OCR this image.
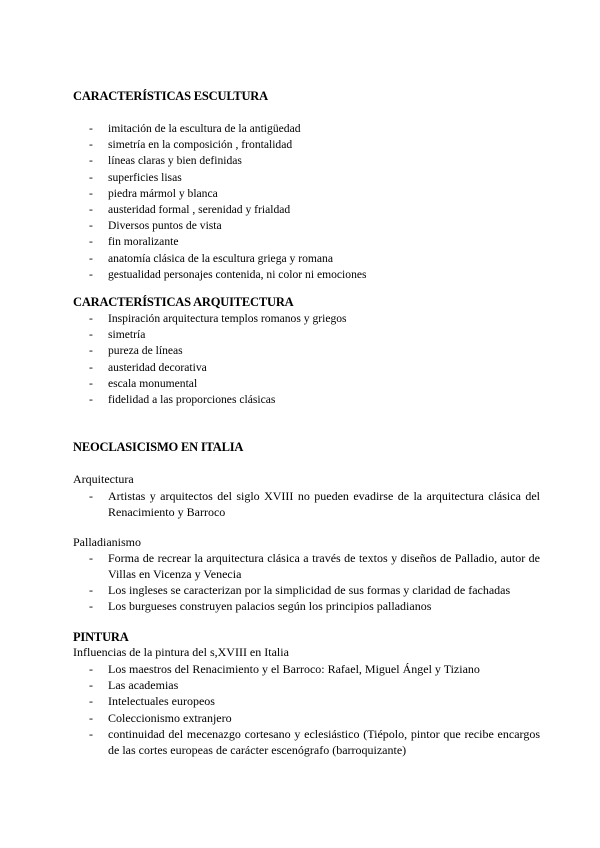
CARACTERÍSTICAS ESCULTURA
- imitación de la escultura de la antigüedad
- simetría en la composición , frontalidad
- líneas claras y bien definidas
- superficies lisas
- piedra mármol y blanca
- austeridad formal , serenidad y frialdad
- Diversos puntos de vista
- fin moralizante
- anatomía clásica de la escultura griega y romana
- gestualidad personajes contenida, ni color ni emociones
CARACTERÍSTICAS ARQUITECTURA
- Inspiración arquitectura templos romanos y griegos
- simetría
- pureza de líneas
- austeridad decorativa
- escala monumental
- fidelidad a las proporciones clásicas
NEOCLASICISMO EN ITALIA
Arquitectura
- Artistas y arquitectos del siglo XVIII no pueden evadirse de la arquitectura clásica del Renacimiento y Barroco
Palladianismo
- Forma de recrear la arquitectura clásica a través de textos y diseños de Palladio, autor de Villas en Vicenza y Venecia
- Los ingleses se caracterizan por la simplicidad de sus formas y claridad de fachadas
- Los burgueses construyen palacios según los principios palladianos
PINTURA
Influencias de la pintura del s,XVIII en Italia
- Los maestros del Renacimiento y el Barroco: Rafael, Miguel Ángel y Tiziano
- Las academias
- Intelectuales europeos
- Coleccionismo extranjero
- continuidad del mecenazgo cortesano y eclesiástico (Tiépolo, pintor que recibe encargos de las cortes europeas de carácter escenógrafo (barroquizante)
